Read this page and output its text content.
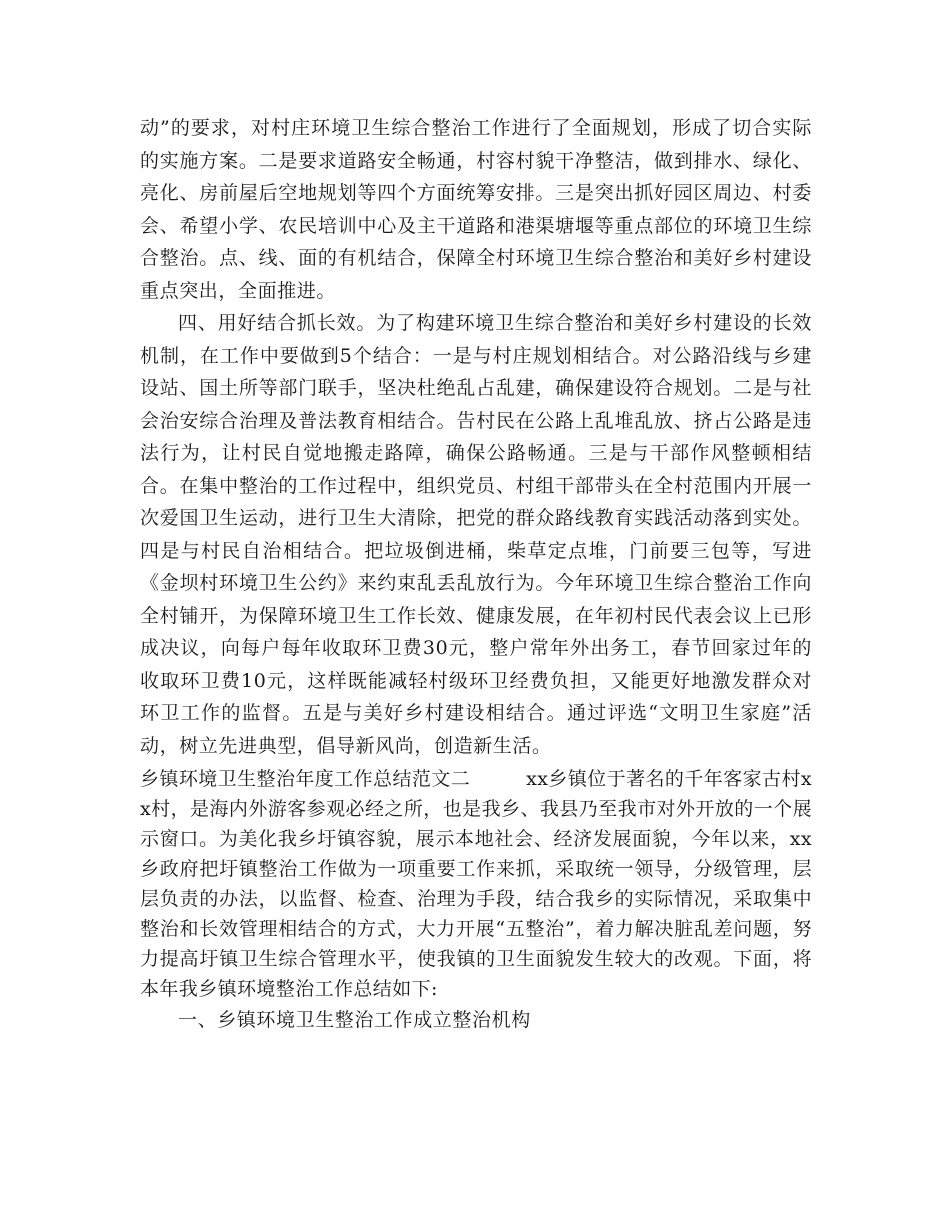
动”的要求，对村庄环境卫生综合整治工作进行了全面规划，形成了切合实际的实施方案。二是要求道路安全畅通，村容村貌干净整洁，做到排水、绿化、亮化、房前屋后空地规划等四个方面统筹安排。三是突出抓好园区周边、村委会、希望小学、农民培训中心及主干道路和港渠塘堰等重点部位的环境卫生综合整治。点、线、面的有机结合，保障全村环境卫生综合整治和美好乡村建设重点突出，全面推进。

四、用好结合抓长效。为了构建环境卫生综合整治和美好乡村建设的长效机制，在工作中要做到5个结合：一是与村庄规划相结合。对公路沿线与乡建设站、国土所等部门联手，坚决杜绝乱占乱建，确保建设符合规划。二是与社会治安综合治理及普法教育相结合。告村民在公路上乱堆乱放、挤占公路是违法行为，让村民自觉地搬走路障，确保公路畅通。三是与干部作风整顿相结合。在集中整治的工作过程中，组织党员、村组干部带头在全村范围内开展一次爱国卫生运动，进行卫生大清除，把党的群众路线教育实践活动落到实处。四是与村民自治相结合。把垃圾倒进桶，柴草定点堆，门前要三包等，写进《金坝村环境卫生公约》来约束乱丢乱放行为。今年环境卫生综合整治工作向全村铺开，为保障环境卫生工作长效、健康发展，在年初村民代表会议上已形成决议，向每户每年收取环卫费30元，整户常年外出务工，春节回家过年的收取环卫费10元，这样既能减轻村级环卫经费负担，又能更好地激发群众对环卫工作的监督。五是与美好乡村建设相结合。通过评选“文明卫生家庭”活动，树立先进典型，倡导新风尚，创造新生活。

乡镇环境卫生整治年度工作总结范文二	xx乡镇位于著名的千年客家古村xx村，是海内外游客参观必经之所，也是我乡、我县乃至我市对外开放的一个展示窗口。为美化我乡圩镇容貌，展示本地社会、经济发展面貌，今年以来，xx乡政府把圩镇整治工作做为一项重要工作来抓，采取统一领导，分级管理，层层负责的办法，以监督、检查、治理为手段，结合我乡的实际情况，采取集中整治和长效管理相结合的方式，大力开展“五整治”，着力解决脏乱差问题，努力提高圩镇卫生综合管理水平，使我镇的卫生面貌发生较大的改观。下面，将本年我乡镇环境整治工作总结如下:

一、乡镇环境卫生整治工作成立整治机构
